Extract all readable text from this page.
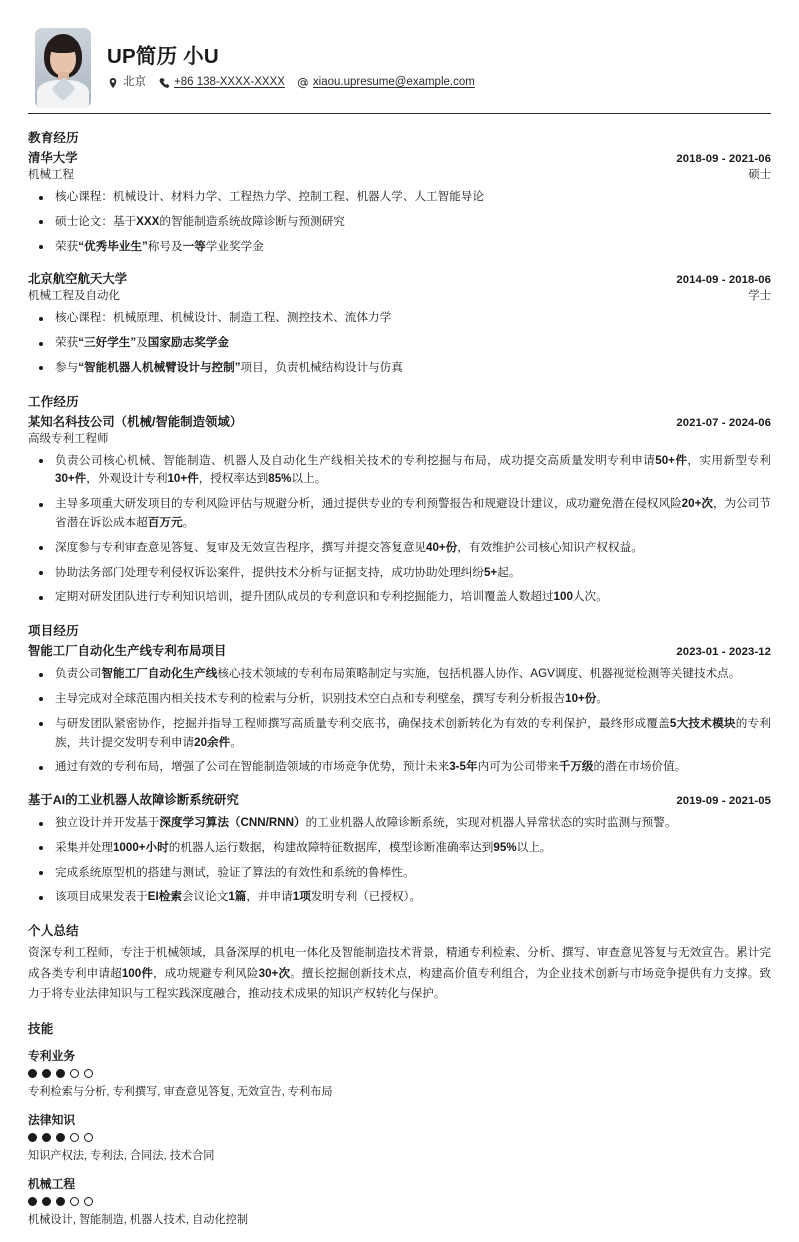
UP简历 小U
北京 +86 138-XXXX-XXXX xiaou.upresume@example.com
教育经历
清华大学	2018-09 - 2021-06
机械工程	硕士
核心课程：机械设计、材料力学、工程热力学、控制工程、机器人学、人工智能导论
硕士论文：基于XXX的智能制造系统故障诊断与预测研究
荣获“优秀毕业生”称号及一等学业奖学金
北京航空航天大学	2014-09 - 2018-06
机械工程及自动化	学士
核心课程：机械原理、机械设计、制造工程、测控技术、流体力学
荣获“三好学生”及国家励志奖学金
参与“智能机器人机械臂设计与控制”项目，负责机械结构设计与仿真
工作经历
某知名科技公司（机械/智能制造领域）	2021-07 - 2024-06
高级专利工程师
负责公司核心机械、智能制造、机器人及自动化生产线相关技术的专利挖掘与布局，成功提交高质量发明专利申请50+件，实用新型专利30+件，外观设计专利10+件，授权率达到85%以上。
主导多项重大研发项目的专利风险评估与规避分析，通过提供专业的专利预警报告和规避设计建议，成功避免潜在侵权风险20+次，为公司节省潜在诉讼成本超百万元。
深度参与专利审查意见答复、复审及无效宣告程序，撰写并提交答复意见40+份，有效维护公司核心知识产权权益。
协助法务部门处理专利侵权诉讼案件，提供技术分析与证据支持，成功协助处理纠纷5+起。
定期对研发团队进行专利知识培训，提升团队成员的专利意识和专利挖掘能力，培训覆盖人数超过100人次。
项目经历
智能工厂自动化生产线专利布局项目	2023-01 - 2023-12
负责公司智能工厂自动化生产线核心技术领域的专利布局策略制定与实施，包括机器人协作、AGV调度、机器视觉检测等关键技术点。
主导完成对全球范围内相关技术专利的检索与分析，识别技术空白点和专利壁垒，撰写专利分析报告10+份。
与研发团队紧密协作，挖掘并指导工程师撰写高质量专利交底书，确保技术创新转化为有效的专利保护，最终形成覆盖5大技术模块的专利族，共计提交发明专利申请20余件。
通过有效的专利布局，增强了公司在智能制造领域的市场竞争优势，预计未来3-5年内可为公司带来千万级的潜在市场价值。
基于AI的工业机器人故障诊断系统研究	2019-09 - 2021-05
独立设计并开发基于深度学习算法（CNN/RNN）的工业机器人故障诊断系统，实现对机器人异常状态的实时监测与预警。
采集并处理1000+小时的机器人运行数据，构建故障特征数据库，模型诊断准确率达到95%以上。
完成系统原型机的搭建与测试，验证了算法的有效性和系统的鲁棒性。
该项目成果发表于EI检索会议论文1篇，并申请1项发明专利（已授权）。
个人总结
资深专利工程师，专注于机械领域，具备深厚的机电一体化及智能制造技术背景，精通专利检索、分析、撰写、审查意见答复与无效宣告。累计完成各类专利申请超100件，成功规避专利风险30+次。擅长挖掘创新技术点，构建高价值专利组合，为企业技术创新与市场竞争提供有力支撑。致力于将专业法律知识与工程实践深度融合，推动技术成果的知识产权转化与保护。
技能
专利业务
专利检索与分析, 专利撰写, 审查意见答复, 无效宣告, 专利布局
法律知识
知识产权法, 专利法, 合同法, 技术合同
机械工程
机械设计, 智能制造, 机器人技术, 自动化控制
